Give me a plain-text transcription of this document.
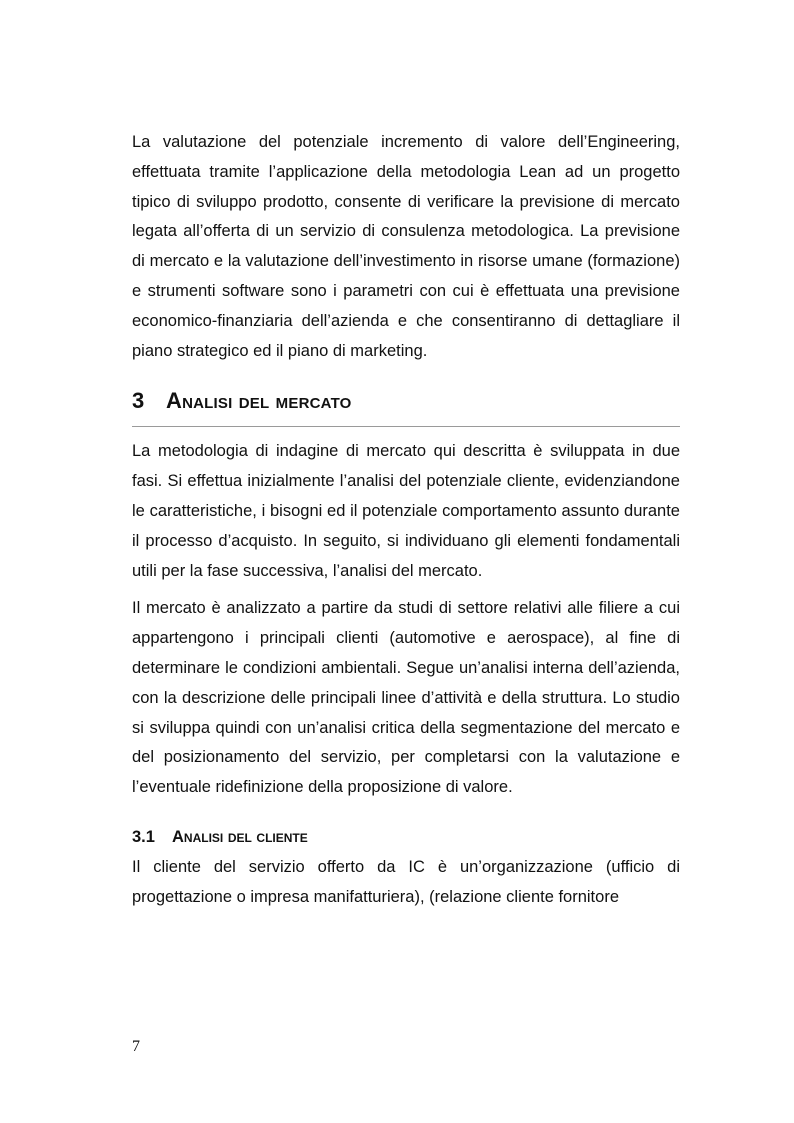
La valutazione del potenziale incremento di valore dell’Engineering, effettuata tramite l’applicazione della metodologia Lean ad un progetto tipico di sviluppo prodotto, consente di verificare la previsione di mercato legata all’offerta di un servizio di consulenza metodologica. La previsione di mercato e la valutazione dell’investimento in risorse umane (formazione) e strumenti software sono i parametri con cui è effettuata una previsione economico-finanziaria dell’azienda e che consentiranno di dettagliare il piano strategico ed il piano di marketing.

3 Analisi del mercato

La metodologia di indagine di mercato qui descritta è sviluppata in due fasi. Si effettua inizialmente l’analisi del potenziale cliente, evidenziandone le caratteristiche, i bisogni ed il potenziale comportamento assunto durante il processo d’acquisto. In seguito, si individuano gli elementi fondamentali utili per la fase successiva, l’analisi del mercato.

Il mercato è analizzato a partire da studi di settore relativi alle filiere a cui appartengono i principali clienti (automotive e aerospace), al fine di determinare le condizioni ambientali. Segue un’analisi interna dell’azienda, con la descrizione delle principali linee d’attività e della struttura. Lo studio si sviluppa quindi con un’analisi critica della segmentazione del mercato e del posizionamento del servizio, per completarsi con la valutazione e l’eventuale ridefinizione della proposizione di valore.

3.1	Analisi del cliente

Il cliente del servizio offerto da IC è un’organizzazione (ufficio di progettazione o impresa manifatturiera), (relazione cliente fornitore

7
